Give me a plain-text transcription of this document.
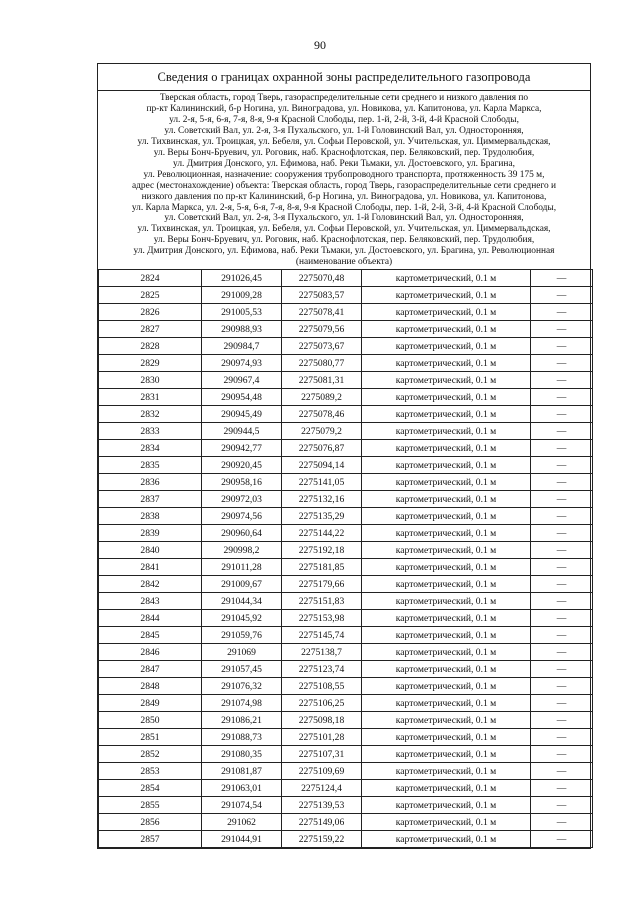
90
Сведения о границах охранной зоны распределительного газопровода
Тверская область, город Тверь, газораспределительные сети среднего и низкого давления по
пр-кт Калининский, б-р Ногина, ул. Виноградова, ул. Новикова, ул. Капитонова, ул. Карла Маркса,
ул. 2-я, 5-я, 6-я, 7-я, 8-я, 9-я Красной Слободы, пер. 1-й, 2-й, 3-й, 4-й Красной Слободы,
ул. Советский Вал, ул. 2-я, 3-я Пухальского, ул. 1-й Головинский Вал, ул. Односторонняя,
ул. Тихвинская, ул. Троицкая, ул. Бебеля, ул. Софьи Перовской, ул. Учительская, ул. Циммервальдская,
ул. Веры Бонч-Бруевич, ул. Роговик, наб. Краснофлотская, пер. Беляковский, пер. Трудолюбия,
ул. Дмитрия Донского, ул. Ефимова, наб. Реки Тьмаки, ул. Достоевского, ул. Брагина,
ул. Революционная, назначение: сооружения трубопроводного транспорта, протяженность 39 175 м,
адрес (местонахождение) объекта: Тверская область, город Тверь, газораспределительные сети среднего и
низкого давления по пр-кт Калининский, б-р Ногина, ул. Виноградова, ул. Новикова, ул. Капитонова,
ул. Карла Маркса, ул. 2-я, 5-я, 6-я, 7-я, 8-я, 9-я Красной Слободы, пер. 1-й, 2-й, 3-й, 4-й Красной Слободы,
ул. Советский Вал, ул. 2-я, 3-я Пухальского, ул. 1-й Головинский Вал, ул. Односторонняя,
ул. Тихвинская, ул. Троицкая, ул. Бебеля, ул. Софьи Перовской, ул. Учительская, ул. Циммервальдская,
ул. Веры Бонч-Бруевич, ул. Роговик, наб. Краснофлотская, пер. Беляковский, пер. Трудолюбия,
ул. Дмитрия Донского, ул. Ефимова, наб. Реки Тьмаки, ул. Достоевского, ул. Брагина, ул. Революционная
(наименование объекта)
2824	291026,45	2275070,48	картометрический, 0.1 м	—
2825	291009,28	2275083,57	картометрический, 0.1 м	—
2826	291005,53	2275078,41	картометрический, 0.1 м	—
2827	290988,93	2275079,56	картометрический, 0.1 м	—
2828	290984,7	2275073,67	картометрический, 0.1 м	—
2829	290974,93	2275080,77	картометрический, 0.1 м	—
2830	290967,4	2275081,31	картометрический, 0.1 м	—
2831	290954,48	2275089,2	картометрический, 0.1 м	—
2832	290945,49	2275078,46	картометрический, 0.1 м	—
2833	290944,5	2275079,2	картометрический, 0.1 м	—
2834	290942,77	2275076,87	картометрический, 0.1 м	—
2835	290920,45	2275094,14	картометрический, 0.1 м	—
2836	290958,16	2275141,05	картометрический, 0.1 м	—
2837	290972,03	2275132,16	картометрический, 0.1 м	—
2838	290974,56	2275135,29	картометрический, 0.1 м	—
2839	290960,64	2275144,22	картометрический, 0.1 м	—
2840	290998,2	2275192,18	картометрический, 0.1 м	—
2841	291011,28	2275181,85	картометрический, 0.1 м	—
2842	291009,67	2275179,66	картометрический, 0.1 м	—
2843	291044,34	2275151,83	картометрический, 0.1 м	—
2844	291045,92	2275153,98	картометрический, 0.1 м	—
2845	291059,76	2275145,74	картометрический, 0.1 м	—
2846	291069	2275138,7	картометрический, 0.1 м	—
2847	291057,45	2275123,74	картометрический, 0.1 м	—
2848	291076,32	2275108,55	картометрический, 0.1 м	—
2849	291074,98	2275106,25	картометрический, 0.1 м	—
2850	291086,21	2275098,18	картометрический, 0.1 м	—
2851	291088,73	2275101,28	картометрический, 0.1 м	—
2852	291080,35	2275107,31	картометрический, 0.1 м	—
2853	291081,87	2275109,69	картометрический, 0.1 м	—
2854	291063,01	2275124,4	картометрический, 0.1 м	—
2855	291074,54	2275139,53	картометрический, 0.1 м	—
2856	291062	2275149,06	картометрический, 0.1 м	—
2857	291044,91	2275159,22	картометрический, 0.1 м	—
